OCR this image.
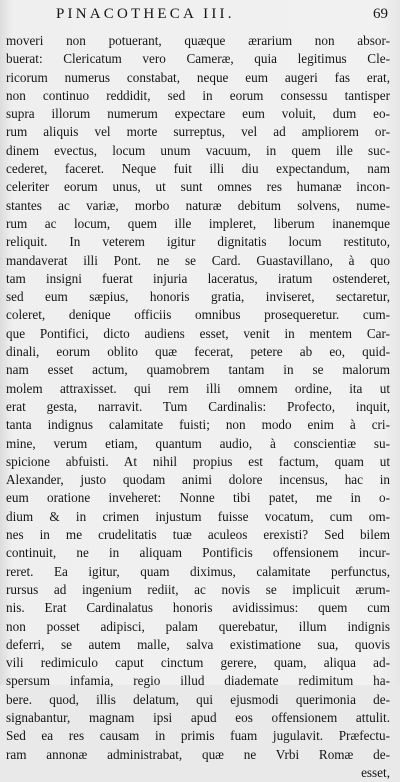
PINACOTHECA III.	69
moveri non potuerant, quæque ærarium non absor-
buerat: Clericatum vero Cameræ, quia legitimus Cle-
ricorum numerus constabat, neque eum augeri fas erat,
non continuo reddidit, sed in eorum consessu tantisper
supra illorum numerum expectare eum voluit, dum eo-
rum aliquis vel morte surreptus, vel ad ampliorem or-
dinem evectus, locum unum vacuum, in quem ille suc-
cederet, faceret. Neque fuit illi diu expectandum, nam
celeriter eorum unus, ut sunt omnes res humanæ incon-
stantes ac variæ, morbo naturæ debitum solvens, nume-
rum ac locum, quem ille impleret, liberum inanemque
reliquit. In veterem igitur dignitatis locum restituto,
mandaverat illi Pont. ne se Card. Guastavillano, à quo
tam insigni fuerat injuria laceratus, iratum ostenderet,
sed eum sæpius, honoris gratia, inviseret, sectaretur,
coleret, denique officiis omnibus prosequeretur. cum-
que Pontifici, dicto audiens esset, venit in mentem Car-
dinali, eorum oblito quæ fecerat, petere ab eo, quid-
nam esset actum, quamobrem tantam in se malorum
molem attraxisset. qui rem illi omnem ordine, ita ut
erat gesta, narravit. Tum Cardinalis: Profecto, inquit,
tanta indignus calamitate fuisti; non modo enim à cri-
mine, verum etiam, quantum audio, à conscientiæ su-
spicione abfuisti. At nihil propius est factum, quam ut
Alexander, justo quodam animi dolore incensus, hac in
eum oratione inveheret: Nonne tibi patet, me in o-
dium & in crimen injustum fuisse vocatum, cum om-
nes in me crudelitatis tuæ aculeos erexisti? Sed bilem
continuit, ne in aliquam Pontificis offensionem incur-
reret. Ea igitur, quam diximus, calamitate perfunctus,
rursus ad ingenium rediit, ac novis se implicuit ærum-
nis. Erat Cardinalatus honoris avidissimus: quem cum
non posset adipisci, palam querebatur, illum indignis
deferri, se autem malle, salva existimatione sua, quovis
vili redimiculo caput cinctum gerere, quam, aliqua ad-
spersum infamia, regio illud diademate redimitum ha-
bere. quod, illis delatum, qui ejusmodi querimonia de-
signabantur, magnam ipsi apud eos offensionem attulit.
Sed ea res causam in primis fuam jugulavit. Præfectu-
ram annonæ administrabat, quæ ne Vrbi Romæ de-
esset,
